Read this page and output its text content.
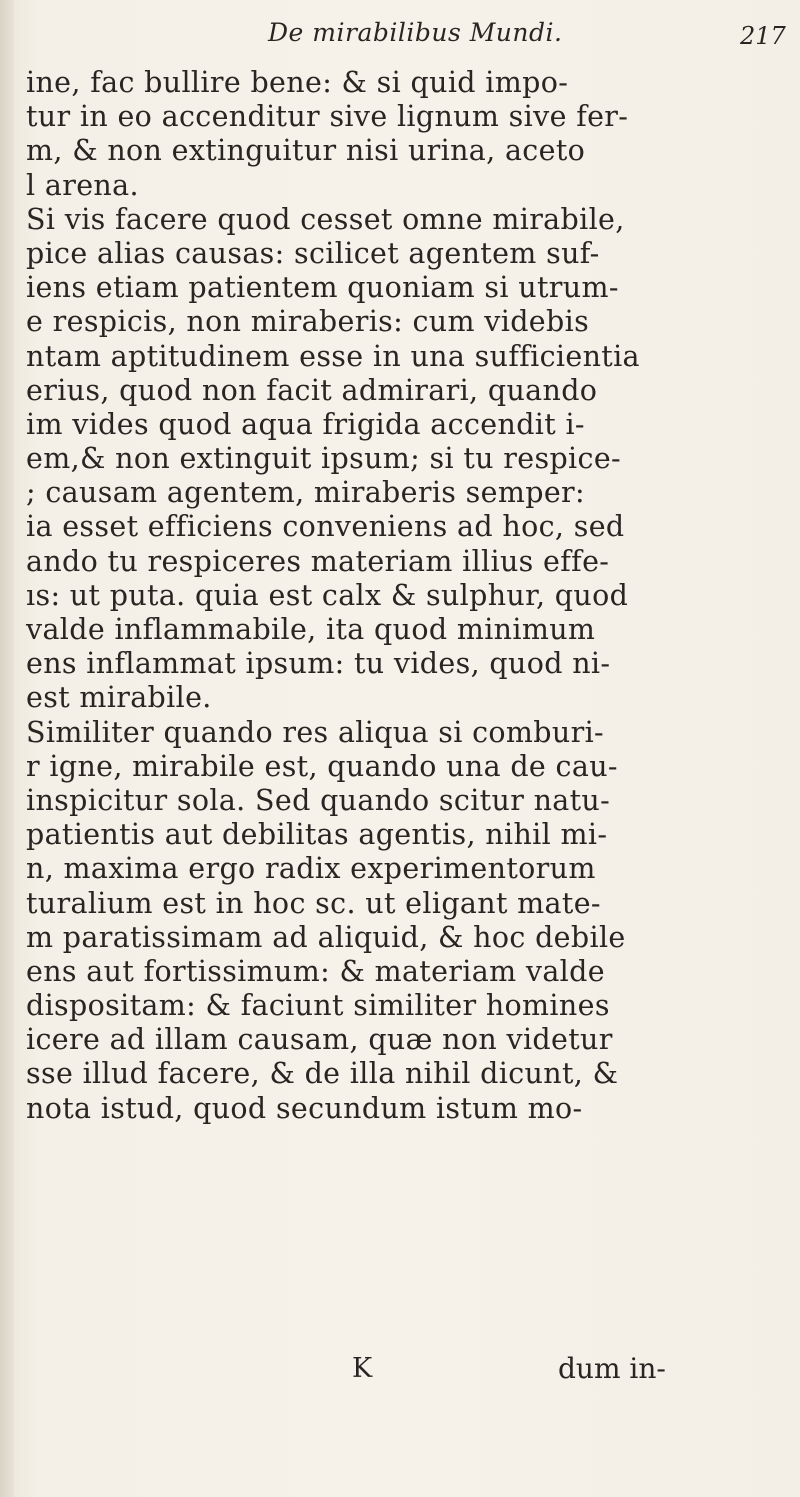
De mirabilibus Mundi.	217
ine, fac bullire bene: & si quid impo-
tur in eo accenditur sive lignum sive fer-
m, & non extinguitur nisi urina, aceto
l arena.
Si vis facere quod cesset omne mirabile,
pice alias causas: scilicet agentem suf-
iens etiam patientem quoniam si utrum-
e respicis, non miraberis: cum videbis
ntam aptitudinem esse in una sufficientia
erius, quod non facit admirari, quando
im vides quod aqua frigida accendit i-
em,& non extinguit ipsum; si tu respice-
; causam agentem, miraberis semper:
ia esset efficiens conveniens ad hoc, sed
ando tu respiceres materiam illius effe-
ıs: ut puta. quia est calx & sulphur, quod
valde inflammabile, ita quod minimum
ens inflammat ipsum: tu vides, quod ni-
est mirabile.
Similiter quando res aliqua si comburi-
r igne, mirabile est, quando una de cau-
inspicitur sola. Sed quando scitur natu-
patientis aut debilitas agentis, nihil mi-
n, maxima ergo radix experimentorum
turalium est in hoc sc. ut eligant mate-
m paratissimam ad aliquid, & hoc debile
ens aut fortissimum: & materiam valde
dispositam: & faciunt similiter homines
icere ad illam causam, quæ non videtur
sse illud facere, & de illa nihil dicunt, &
nota istud, quod secundum istum mo-
K	dum in-
